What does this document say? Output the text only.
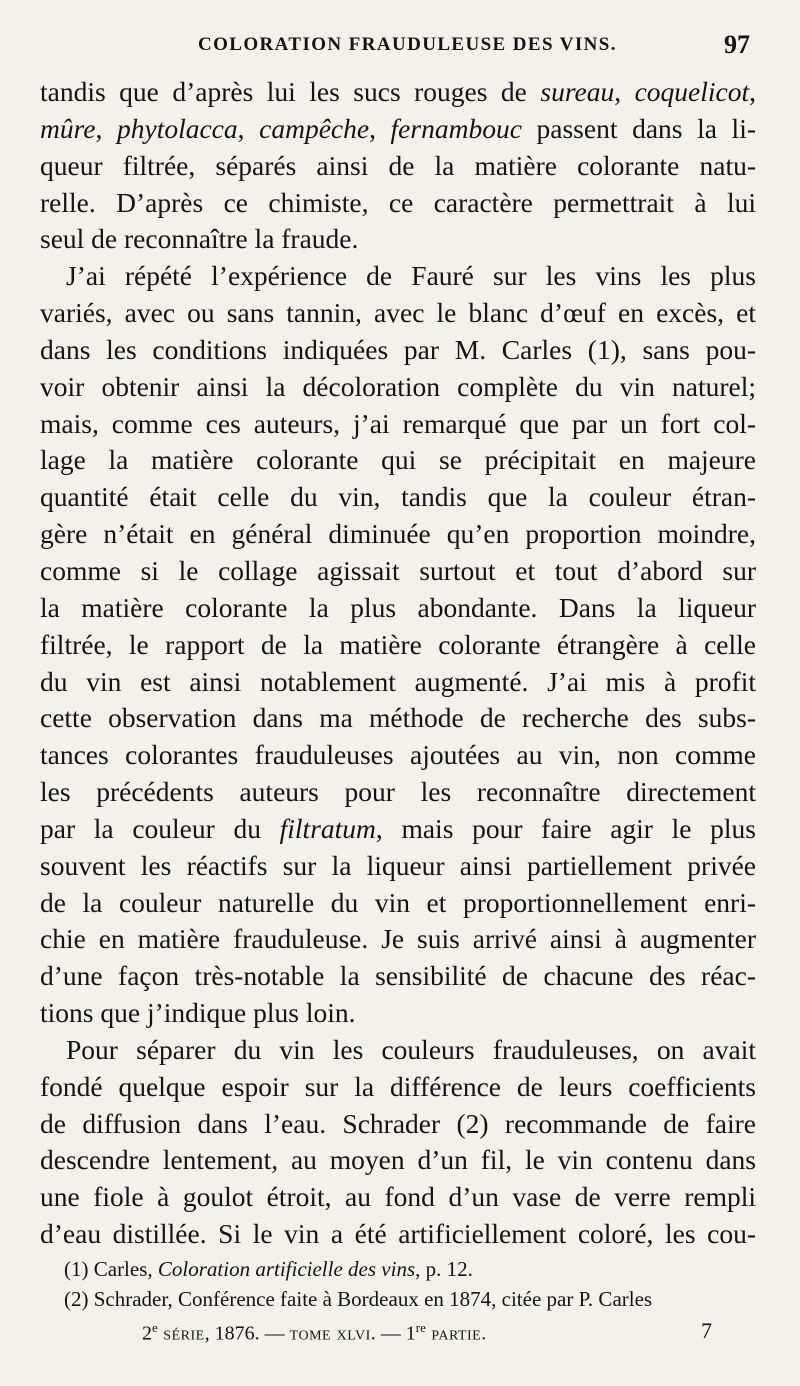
COLORATION FRAUDULEUSE DES VINS.	97
tandis que d’après lui les sucs rouges de sureau, coquelicot,
mûre, phytolacca, campêche, fernambouc passent dans la li-
queur filtrée, séparés ainsi de la matière colorante natu-
relle. D’après ce chimiste, ce caractère permettrait à lui
seul de reconnaître la fraude.
J’ai répété l’expérience de Fauré sur les vins les plus
variés, avec ou sans tannin, avec le blanc d’œuf en excès, et
dans les conditions indiquées par M. Carles (1), sans pou-
voir obtenir ainsi la décoloration complète du vin naturel;
mais, comme ces auteurs, j’ai remarqué que par un fort col-
lage la matière colorante qui se précipitait en majeure
quantité était celle du vin, tandis que la couleur étran-
gère n’était en général diminuée qu’en proportion moindre,
comme si le collage agissait surtout et tout d’abord sur
la matière colorante la plus abondante. Dans la liqueur
filtrée, le rapport de la matière colorante étrangère à celle
du vin est ainsi notablement augmenté. J’ai mis à profit
cette observation dans ma méthode de recherche des subs-
tances colorantes frauduleuses ajoutées au vin, non comme
les précédents auteurs pour les reconnaître directement
par la couleur du filtratum, mais pour faire agir le plus
souvent les réactifs sur la liqueur ainsi partiellement privée
de la couleur naturelle du vin et proportionnellement enri-
chie en matière frauduleuse. Je suis arrivé ainsi à augmenter
d’une façon très-notable la sensibilité de chacune des réac-
tions que j’indique plus loin.
Pour séparer du vin les couleurs frauduleuses, on avait
fondé quelque espoir sur la différence de leurs coefficients
de diffusion dans l’eau. Schrader (2) recommande de faire
descendre lentement, au moyen d’un fil, le vin contenu dans
une fiole à goulot étroit, au fond d’un vase de verre rempli
d’eau distillée. Si le vin a été artificiellement coloré, les cou-
(1) Carles, Coloration artificielle des vins, p. 12.
(2) Schrader, Conférence faite à Bordeaux en 1874, citée par P. Carles
2e série, 1876. — tome xlvi. — 1re partie.	7
